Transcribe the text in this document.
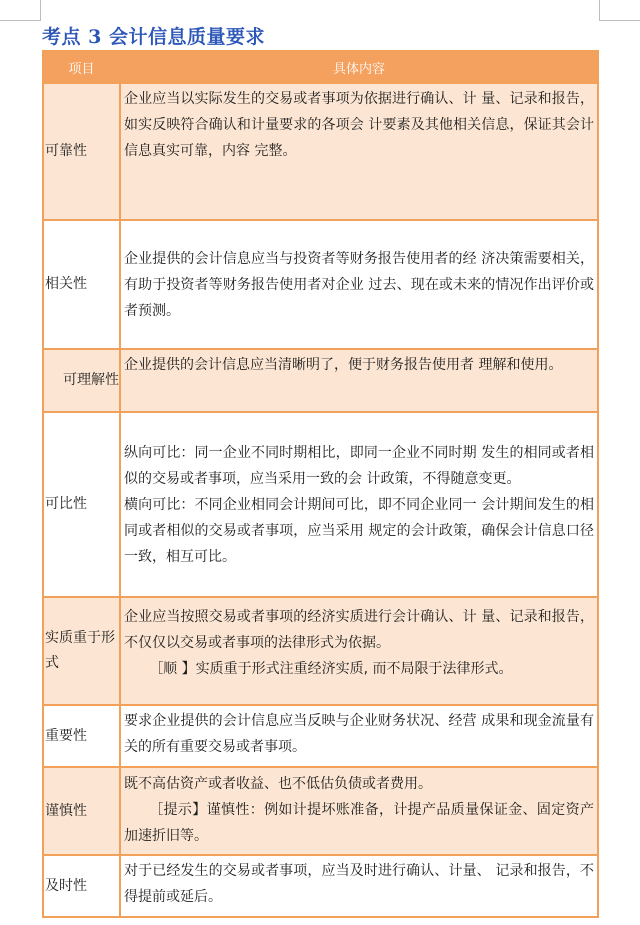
考点 3 会计信息质量要求
项目	具体内容
可靠性	企业应当以实际发生的交易或者事项为依据进行确认、计 量、记录和报告，如实反映符合确认和计量要求的各项会 计要素及其他相关信息，保证其会计信息真实可靠，内容 完整。

相关性	企业提供的会计信息应当与投资者等财务报告使用者的经 济决策需要相关，有助于投资者等财务报告使用者对企业 过去、现在或未来的情况作出评价或者预测。

可理解性	企业提供的会计信息应当清晰明了，便于财务报告使用者 理解和使用。

可比性	纵向可比：同一企业不同时期相比，即同一企业不同时期 发生的相同或者相似的交易或者事项，应当采用一致的会 计政策，不得随意变更。

横向可比：不同企业相同会计期间可比，即不同企业同一 会计期间发生的相同或者相似的交易或者事项，应当采用 规定的会计政策，确保会计信息口径一致，相互可比。

实质重于形式	企业应当按照交易或者事项的经济实质进行会计确认、计 量、记录和报告，不仅仅以交易或者事项的法律形式为依据。

［顺 】实质重于形式注重经济实质, 而不局限于法律形式。

重要性	要求企业提供的会计信息应当反映与企业财务状况、经营 成果和现金流量有关的所有重要交易或者事项。

谨慎性	既不高估资产或者收益、也不低估负债或者费用。

［提示】谨慎性：例如计提坏账准备，计提产品质量保证金、固定资产加速折旧等。

及时性	对于已经发生的交易或者事项，应当及时进行确认、计量、 记录和报告，不得提前或延后。
